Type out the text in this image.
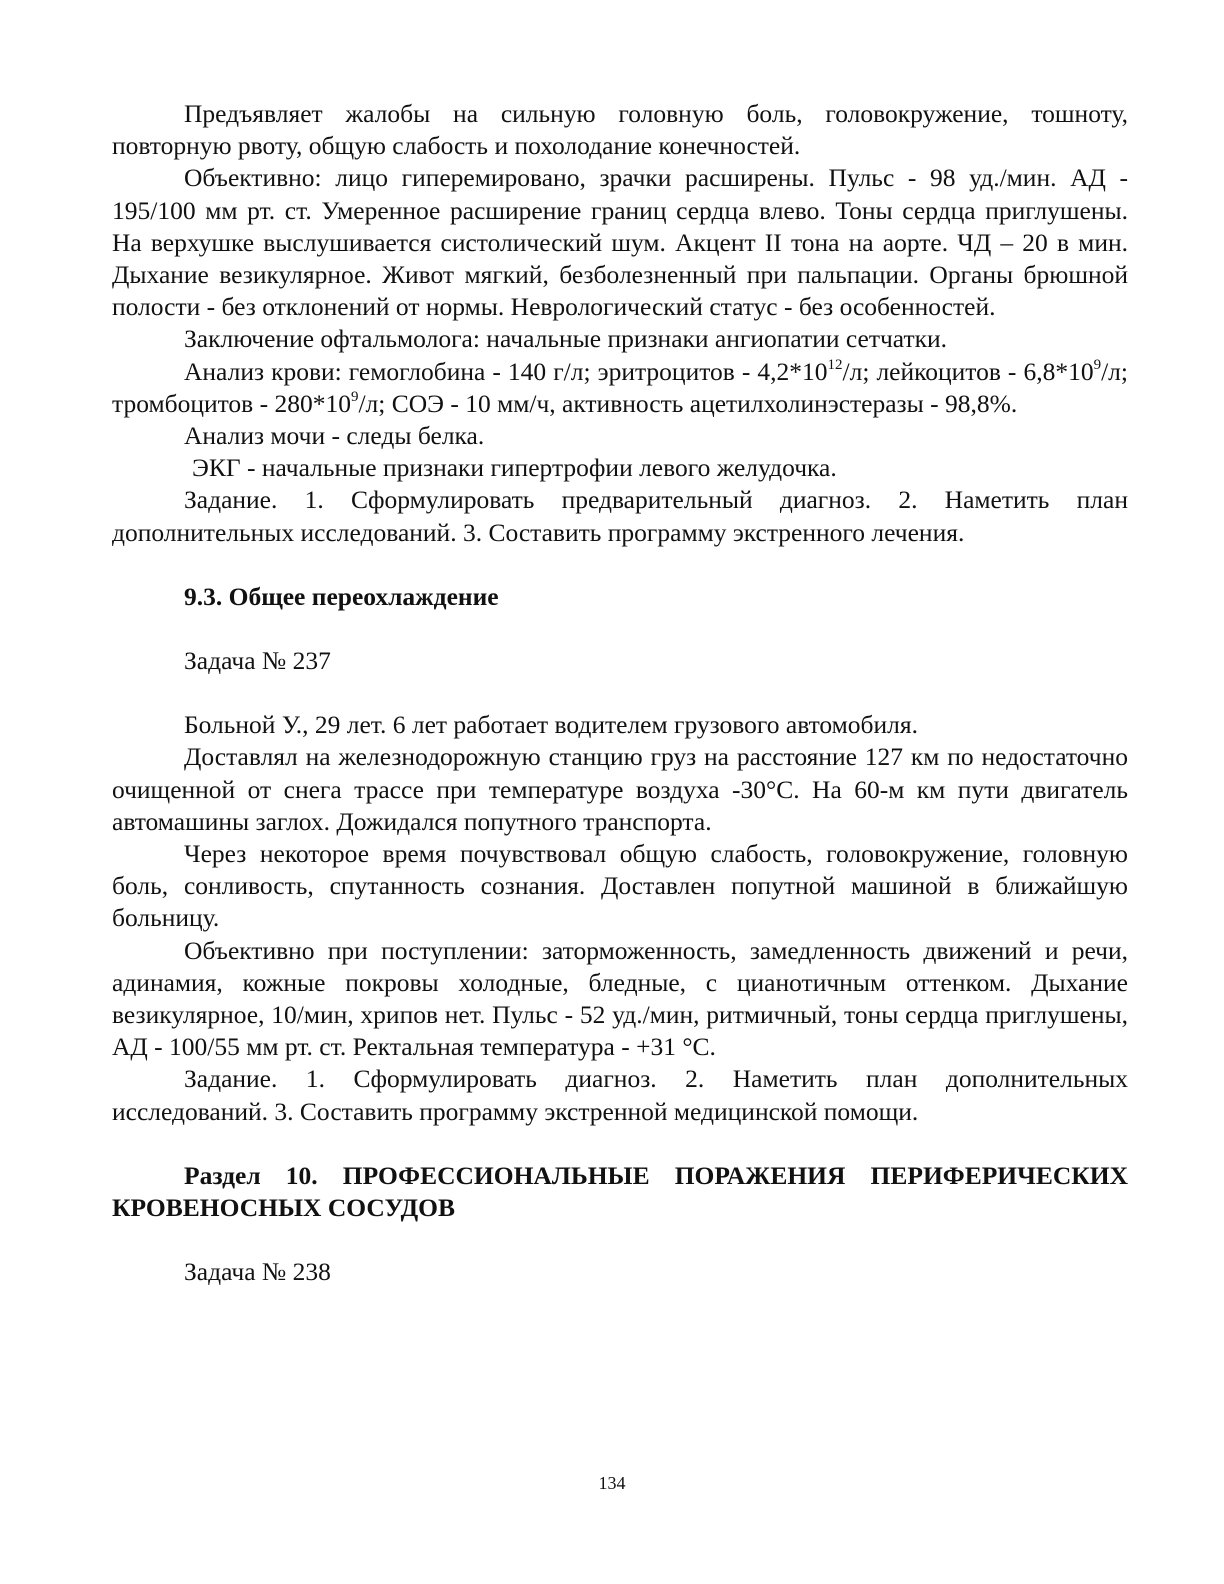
Предъявляет жалобы на сильную головную боль, головокружение, тошноту, повторную рвоту, общую слабость и похолодание конечностей.

Объективно: лицо гиперемировано, зрачки расширены. Пульс - 98 уд./мин. АД - 195/100 мм рт. ст. Умеренное расширение границ сердца влево. Тоны сердца приглушены. На верхушке выслушивается систолический шум. Акцент II тона на аорте. ЧД – 20 в мин. Дыхание везикулярное. Живот мягкий, безболезненный при пальпации. Органы брюшной полости - без отклонений от нормы. Неврологический статус - без особенностей.

Заключение офтальмолога: начальные признаки ангиопатии сетчатки.

Анализ крови: гемоглобина - 140 г/л; эритроцитов - $4,2*10^{12}/л$; лейкоцитов - $6,8*10^9/л$; тромбоцитов - $280*10^9/л$; СОЭ - 10 мм/ч, активность ацетилхолинэстеразы - 98,8%.

Анализ мочи - следы белка.

ЭКГ - начальные признаки гипертрофии левого желудочка.

Задание. 1. Сформулировать предварительный диагноз. 2. Наметить план дополнительных исследований. 3. Составить программу экстренного лечения.

9.3. Общее переохлаждение

Задача № 237

Больной У., 29 лет. 6 лет работает водителем грузового автомобиля.

Доставлял на железнодорожную станцию груз на расстояние 127 км по недостаточно очищенной от снега трассе при температуре воздуха -30°С. На 60-м км пути двигатель автомашины заглох. Дожидался попутного транспорта.

Через некоторое время почувствовал общую слабость, головокружение, головную боль, сонливость, спутанность сознания. Доставлен попутной машиной в ближайшую больницу.

Объективно при поступлении: заторможенность, замедленность движений и речи, адинамия, кожные покровы холодные, бледные, с цианотичным оттенком. Дыхание везикулярное, 10/мин, хрипов нет. Пульс - 52 уд./мин, ритмичный, тоны сердца приглушены, АД - 100/55 мм рт. ст. Ректальная температура - +31 °С.

Задание. 1. Сформулировать диагноз. 2. Наметить план дополнительных исследований. 3. Составить программу экстренной медицинской помощи.

Раздел 10. ПРОФЕССИОНАЛЬНЫЕ ПОРАЖЕНИЯ ПЕРИФЕРИЧЕСКИХ КРОВЕНОСНЫХ СОСУДОВ

Задача № 238

134
